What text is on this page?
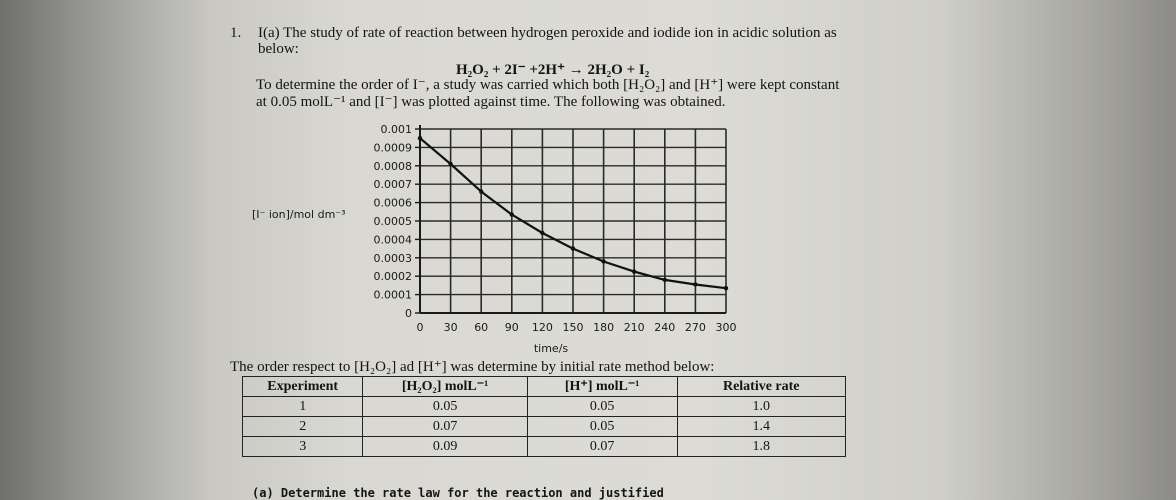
1. I(a) The study of rate of reaction between hydrogen peroxide and iodide ion in acidic solution as
below:
H₂O₂ + 2I⁻ +2H⁺ → 2H₂O + I₂
To determine the order of I⁻, a study was carried which both [H₂O₂] and [H⁺] were kept constant
at 0.05 molL⁻¹ and [I⁻] was plotted against time. The following was obtained.
0 30 60 90 120 150 180 210 240 270 300
0
0.0001
0.0002
0.0003
0.0004
0.0005
0.0006
0.0007
0.0008
0.0009
0.001
[I⁻ ion]/mol dm⁻³
time/s
The order respect to [H₂O₂] ad [H⁺] was determine by initial rate method below:
Experiment	[H₂O₂] molL⁻¹	[H⁺] molL⁻¹	Relative rate
1	0.05	0.05	1.0
2	0.07	0.05	1.4
3	0.09	0.07	1.8
(a) Determine the rate law for the reaction and justified
